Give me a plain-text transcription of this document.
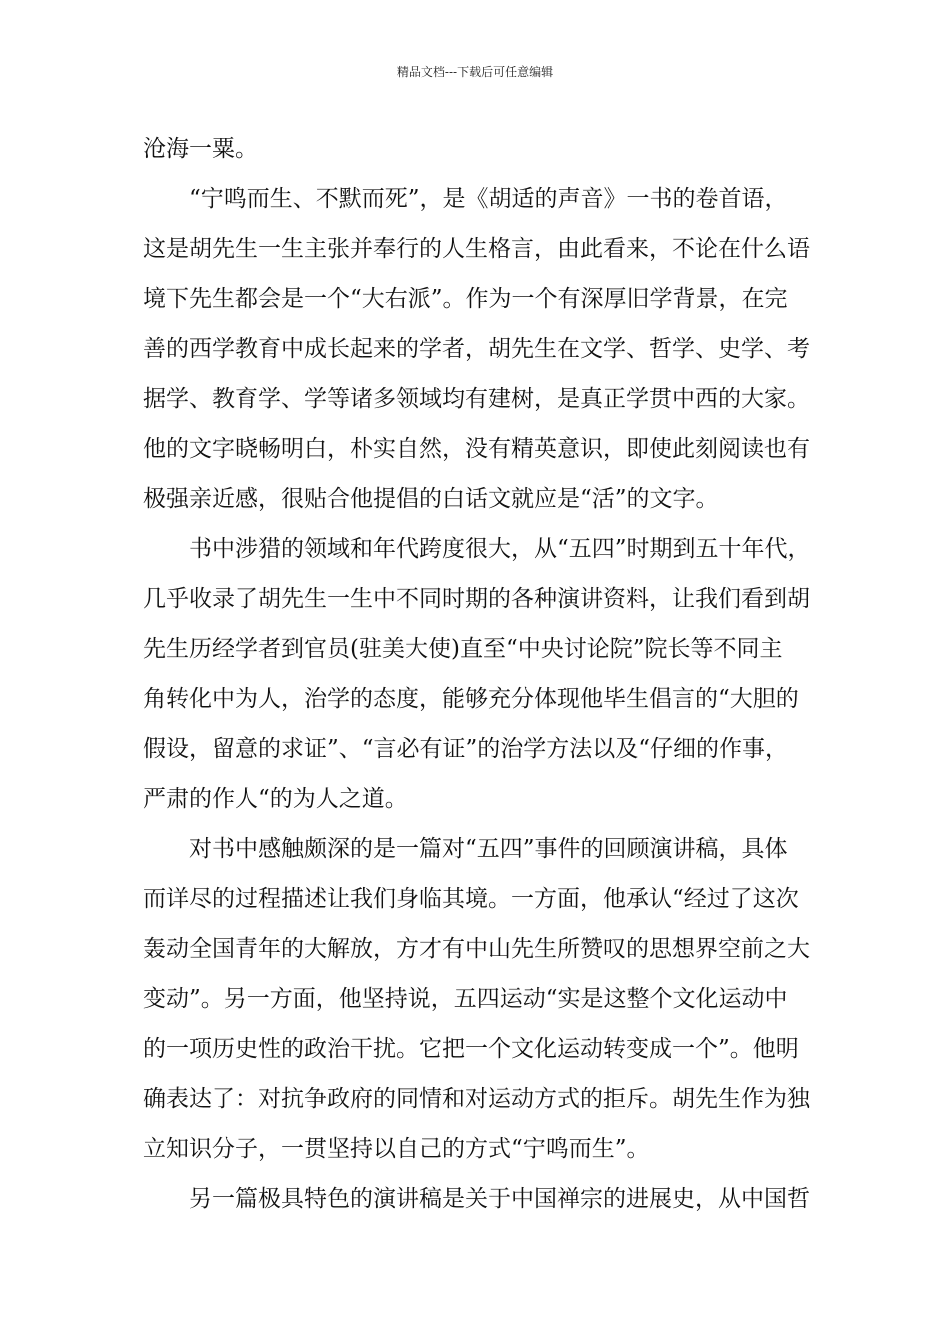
精品文档---下载后可任意编辑
沧海一粟。
“宁鸣而生、不默而死”，是《胡适的声音》一书的卷首语，
这是胡先生一生主张并奉行的人生格言，由此看来，不论在什么语
境下先生都会是一个“大右派”。作为一个有深厚旧学背景，在完
善的西学教育中成长起来的学者，胡先生在文学、哲学、史学、考
据学、教育学、学等诸多领域均有建树，是真正学贯中西的大家。
他的文字晓畅明白，朴实自然，没有精英意识，即使此刻阅读也有
极强亲近感，很贴合他提倡的白话文就应是“活”的文字。
书中涉猎的领域和年代跨度很大，从“五四”时期到五十年代，
几乎收录了胡先生一生中不同时期的各种演讲资料，让我们看到胡
先生历经学者到官员(驻美大使)直至“中央讨论院”院长等不同主
角转化中为人，治学的态度，能够充分体现他毕生倡言的“大胆的
假设，留意的求证”、“言必有证”的治学方法以及“仔细的作事，
严肃的作人“的为人之道。
对书中感触颇深的是一篇对“五四”事件的回顾演讲稿，具体
而详尽的过程描述让我们身临其境。一方面，他承认“经过了这次
轰动全国青年的大解放，方才有中山先生所赞叹的思想界空前之大
变动”。另一方面，他坚持说，五四运动“实是这整个文化运动中
的一项历史性的政治干扰。它把一个文化运动转变成一个”。他明
确表达了：对抗争政府的同情和对运动方式的拒斥。胡先生作为独
立知识分子，一贯坚持以自己的方式“宁鸣而生”。
另一篇极具特色的演讲稿是关于中国禅宗的进展史，从中国哲
